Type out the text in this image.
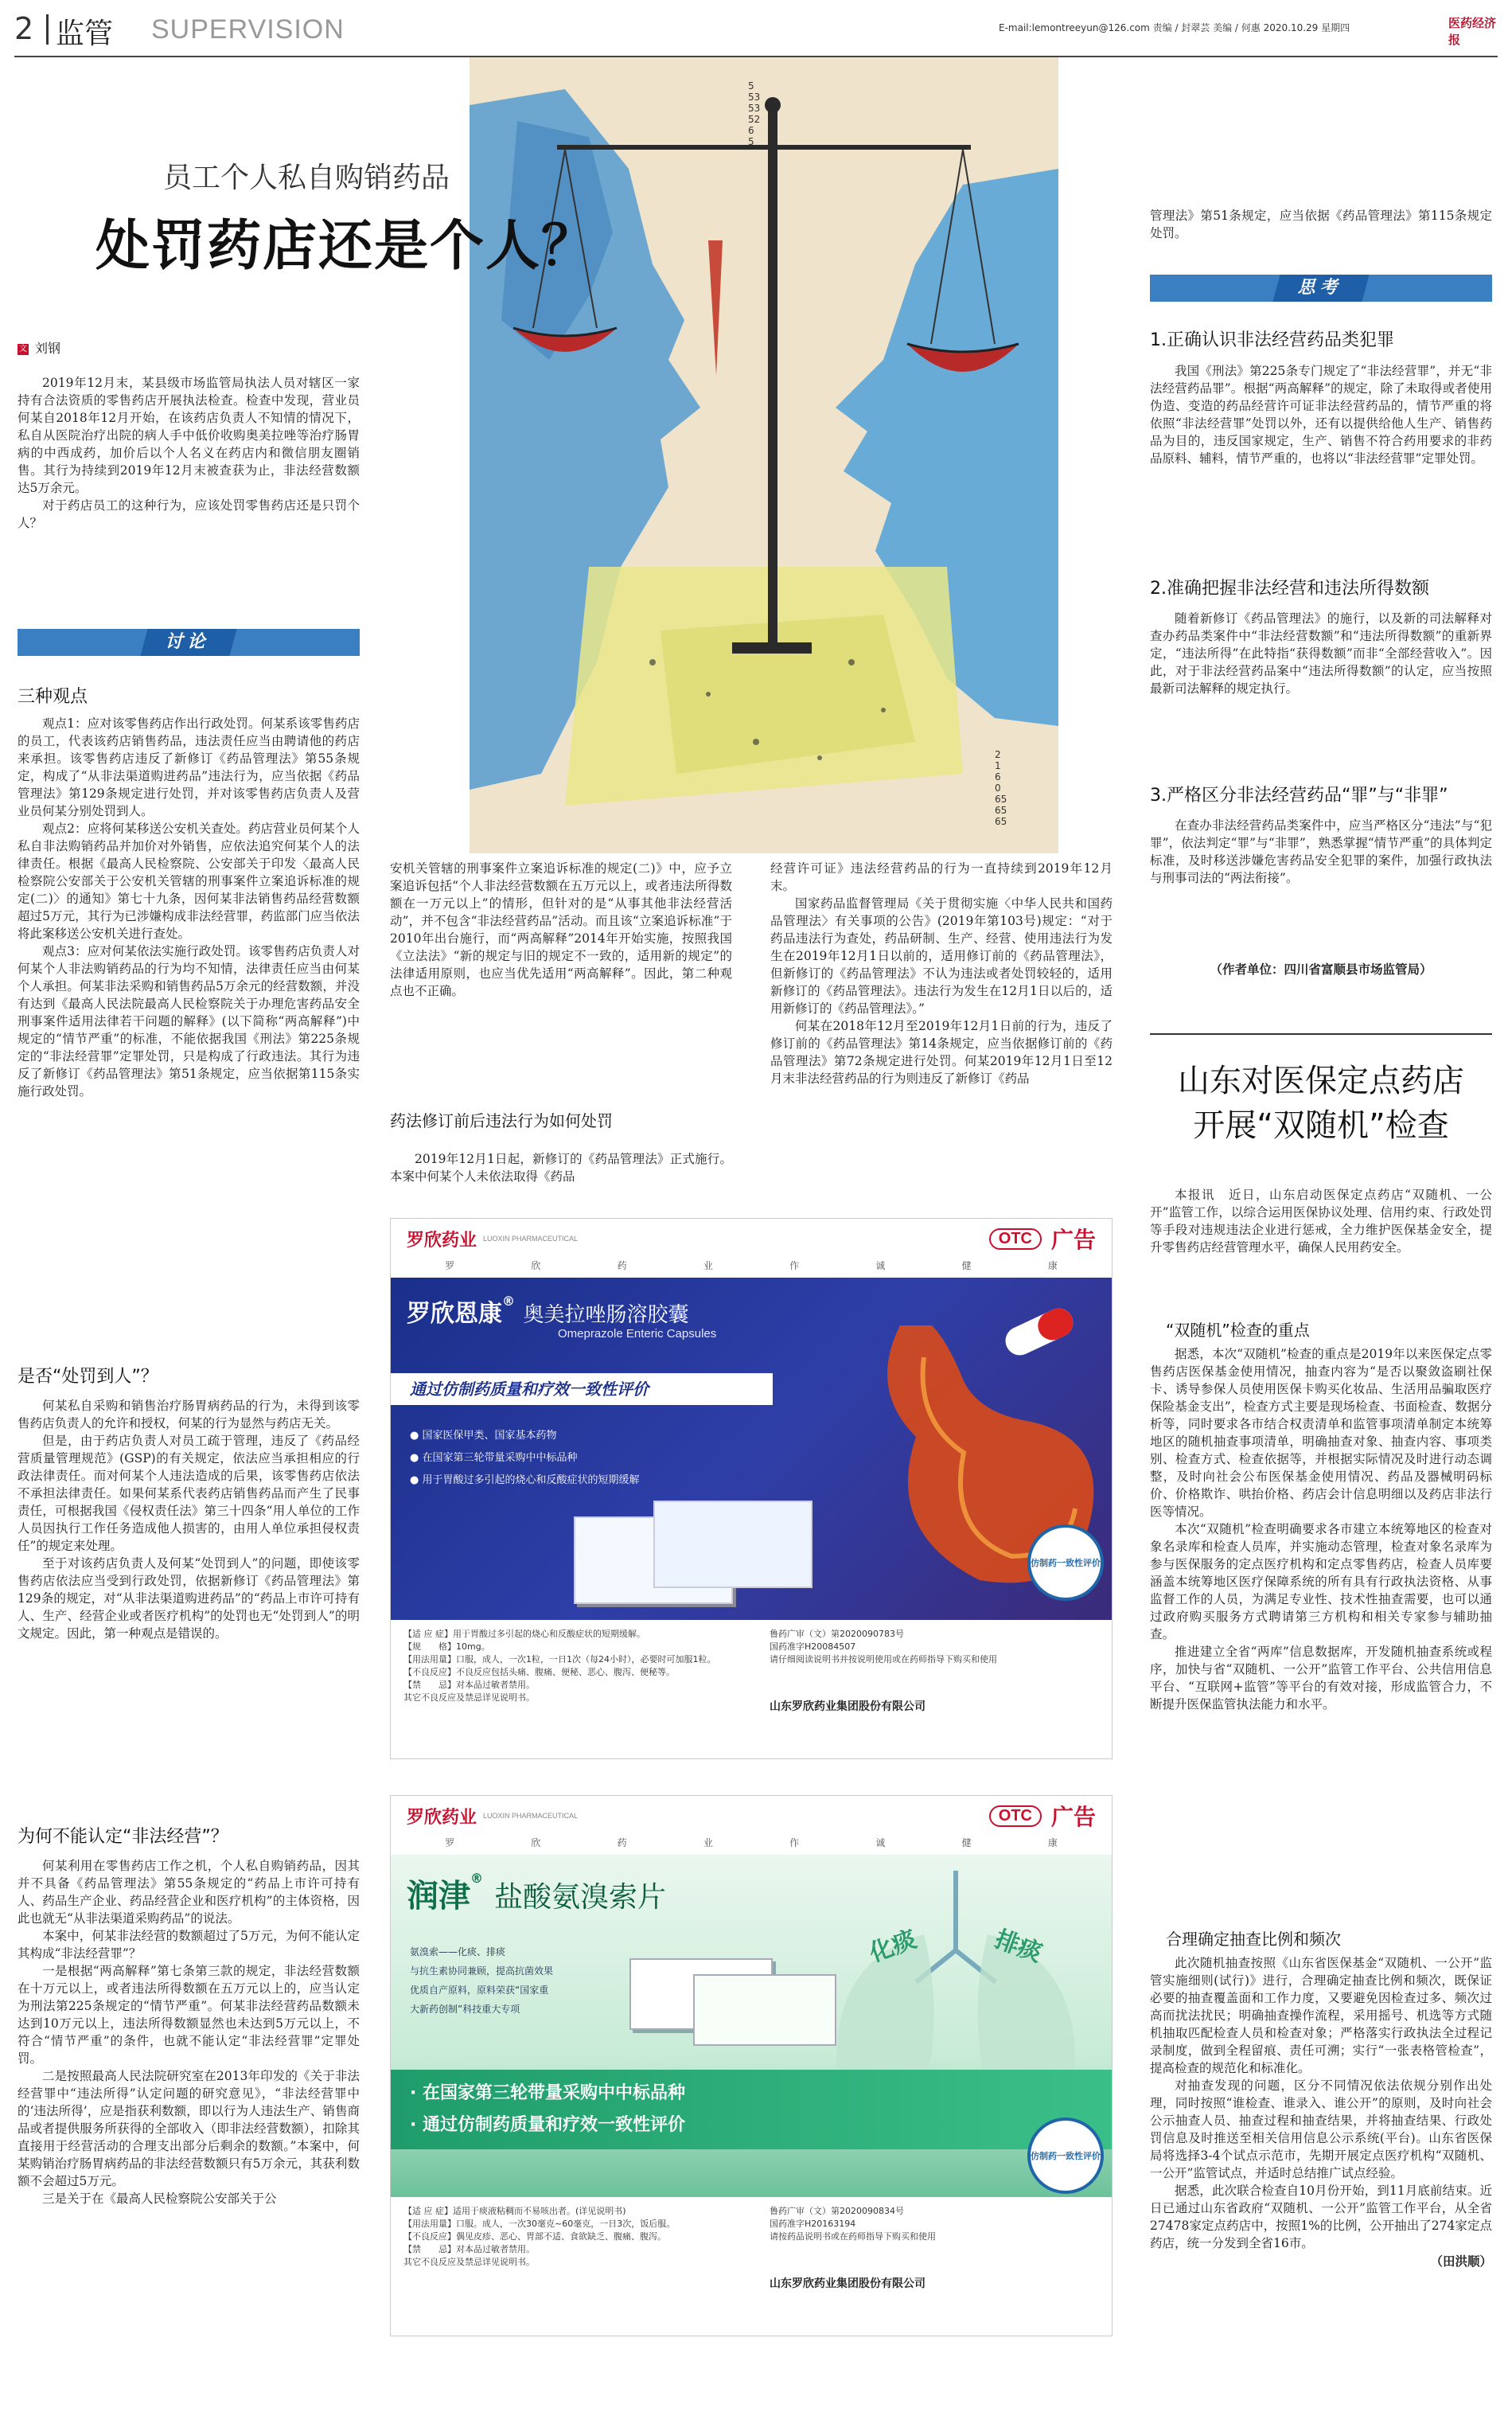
2 监管 SUPERVISION	E-mail:lemontreeyun@126.com 责编 / 封翠芸 美编 / 何惠 2020.10.29 星期四	医药经济报
5
53
53
52
6
5
2
1
6
0
65
65
65
员工个人私自购销药品
处罚药店还是个人？
文 刘钢

2019年12月末，某县级市场监管局执法人员对辖区一家持有合法资质的零售药店开展执法检查。检查中发现，营业员何某自2018年12月开始，在该药店负责人不知情的情况下，私自从医院治疗出院的病人手中低价收购奥美拉唑等治疗肠胃病的中西成药，加价后以个人名义在药店内和微信朋友圈销售。其行为持续到2019年12月末被查获为止，非法经营数额达5万余元。

对于药店员工的这种行为，应该处罚零售药店还是只罚个人？

讨论
三种观点

观点1：应对该零售药店作出行政处罚。何某系该零售药店的员工，代表该药店销售药品，违法责任应当由聘请他的药店来承担。该零售药店违反了新修订《药品管理法》第55条规定，构成了“从非法渠道购进药品”违法行为，应当依据《药品管理法》第129条规定进行处罚，并对该零售药店负责人及营业员何某分别处罚到人。

观点2：应将何某移送公安机关查处。药店营业员何某个人私自非法购销药品并加价对外销售，应依法追究何某个人的法律责任。根据《最高人民检察院、公安部关于印发〈最高人民检察院公安部关于公安机关管辖的刑事案件立案追诉标准的规定(二)〉的通知》第七十九条，因何某非法销售药品经营数额超过5万元，其行为已涉嫌构成非法经营罪，药监部门应当依法将此案移送公安机关进行查处。

观点3：应对何某依法实施行政处罚。该零售药店负责人对何某个人非法购销药品的行为均不知情，法律责任应当由何某个人承担。何某非法采购和销售药品5万余元的经营数额，并没有达到《最高人民法院最高人民检察院关于办理危害药品安全刑事案件适用法律若干问题的解释》(以下简称“两高解释”)中规定的“情节严重”的标准，不能依据我国《刑法》第225条规定的“非法经营罪”定罪处罚，只是构成了行政违法。其行为违反了新修订《药品管理法》第51条规定，应当依据第115条实施行政处罚。

是否“处罚到人”？

何某私自采购和销售治疗肠胃病药品的行为，未得到该零售药店负责人的允许和授权，何某的行为显然与药店无关。

但是，由于药店负责人对员工疏于管理，违反了《药品经营质量管理规范》(GSP)的有关规定，依法应当承担相应的行政法律责任。而对何某个人违法造成的后果，该零售药店依法不承担法律责任。如果何某系代表药店销售药品而产生了民事责任，可根据我国《侵权责任法》第三十四条“用人单位的工作人员因执行工作任务造成他人损害的，由用人单位承担侵权责任”的规定来处理。

至于对该药店负责人及何某“处罚到人”的问题，即使该零售药店依法应当受到行政处罚，依据新修订《药品管理法》第129条的规定，对“从非法渠道购进药品”的“药品上市许可持有人、生产、经营企业或者医疗机构”的处罚也无“处罚到人”的明文规定。因此，第一种观点是错误的。

为何不能认定“非法经营”？

何某利用在零售药店工作之机，个人私自购销药品，因其并不具备《药品管理法》第55条规定的“药品上市许可持有人、药品生产企业、药品经营企业和医疗机构”的主体资格，因此也就无“从非法渠道采购药品”的说法。

本案中，何某非法经营的数额超过了5万元，为何不能认定其构成“非法经营罪”？

一是根据“两高解释”第七条第三款的规定，非法经营数额在十万元以上，或者违法所得数额在五万元以上的，应当认定为刑法第225条规定的“情节严重”。何某非法经营药品数额未达到10万元以上，违法所得数额显然也未达到5万元以上，不符合“情节严重”的条件，也就不能认定“非法经营罪”定罪处罚。

二是按照最高人民法院研究室在2013年印发的《关于非法经营罪中“违法所得”认定问题的研究意见》，“非法经营罪中的‘违法所得’，应是指获利数额，即以行为人违法生产、销售商品或者提供服务所获得的全部收入（即非法经营数额），扣除其直接用于经营活动的合理支出部分后剩余的数额。”本案中，何某购销治疗肠胃病药品的非法经营数额只有5万余元，其获利数额不会超过5万元。

三是关于在《最高人民检察院公安部关于公

安机关管辖的刑事案件立案追诉标准的规定(二)》中，应予立案追诉包括“个人非法经营数额在五万元以上，或者违法所得数额在一万元以上”的情形，但针对的是“从事其他非法经营活动”，并不包含“非法经营药品”活动。而且该“立案追诉标准”于2010年出台施行，而“两高解释”2014年开始实施，按照我国《立法法》“新的规定与旧的规定不一致的，适用新的规定”的法律适用原则，也应当优先适用“两高解释”。因此，第二种观点也不正确。

药法修订前后违法行为如何处罚

2019年12月1日起，新修订的《药品管理法》正式施行。本案中何某个人未依法取得《药品

经营许可证》违法经营药品的行为一直持续到2019年12月末。

国家药品监督管理局《关于贯彻实施〈中华人民共和国药品管理法〉有关事项的公告》(2019年第103号)规定：“对于药品违法行为查处，药品研制、生产、经营、使用违法行为发生在2019年12月1日以前的，适用修订前的《药品管理法》，但新修订的《药品管理法》不认为违法或者处罚较轻的，适用新修订的《药品管理法》。违法行为发生在12月1日以后的，适用新修订的《药品管理法》。”

何某在2018年12月至2019年12月1日前的行为，违反了修订前的《药品管理法》第14条规定，应当依据修订前的《药品管理法》第72条规定进行处罚。何某2019年12月1日至12月末非法经营药品的行为则违反了新修订《药品

管理法》第51条规定，应当依据《药品管理法》第115条规定处罚。

思考
1.正确认识非法经营药品类犯罪

我国《刑法》第225条专门规定了“非法经营罪”，并无“非法经营药品罪”。根据“两高解释”的规定，除了未取得或者使用伪造、变造的药品经营许可证非法经营药品的，情节严重的将依照“非法经营罪”处罚以外，还有以提供给他人生产、销售药品为目的，违反国家规定，生产、销售不符合药用要求的非药品原料、辅料，情节严重的，也将以“非法经营罪”定罪处罚。

2.准确把握非法经营和违法所得数额

随着新修订《药品管理法》的施行，以及新的司法解释对查办药品类案件中“非法经营数额”和“违法所得数额”的重新界定，“违法所得”在此特指“获得数额”而非“全部经营收入”。因此，对于非法经营药品案中“违法所得数额”的认定，应当按照最新司法解释的规定执行。

3.严格区分非法经营药品“罪”与“非罪”

在查办非法经营药品类案件中，应当严格区分“违法”与“犯罪”，依法判定“罪”与“非罪”，熟悉掌握“情节严重”的具体判定标准，及时移送涉嫌危害药品安全犯罪的案件，加强行政执法与刑事司法的“两法衔接”。

（作者单位：四川省富顺县市场监管局）
山东对医保定点药店
开展“双随机”检查

本报讯　近日，山东启动医保定点药店“双随机、一公开”监管工作，以综合运用医保协议处理、信用约束、行政处罚等手段对违规违法企业进行惩戒，全力维护医保基金安全，提升零售药店经营管理水平，确保人民用药安全。

“双随机”检查的重点

据悉，本次“双随机”检查的重点是2019年以来医保定点零售药店医保基金使用情况，抽查内容为“是否以聚敛盗刷社保卡、诱导参保人员使用医保卡购买化妆品、生活用品骗取医疗保险基金支出”，检查方式主要是现场检查、书面检查、数据分析等，同时要求各市结合权责清单和监管事项清单制定本统筹地区的随机抽查事项清单，明确抽查对象、抽查内容、事项类别、检查方式、检查依据等，并根据实际情况及时进行动态调整，及时向社会公布医保基金使用情况、药品及器械明码标价、价格欺诈、哄抬价格、药店会计信息明细以及药店非法行医等情况。

本次“双随机”检查明确要求各市建立本统筹地区的检查对象名录库和检查人员库，并实施动态管理，检查对象名录库为参与医保服务的定点医疗机构和定点零售药店，检查人员库要涵盖本统筹地区医疗保障系统的所有具有行政执法资格、从事监督工作的人员，为满足专业性、技术性抽查需要，也可以通过政府购买服务方式聘请第三方机构和相关专家参与辅助抽查。

推进建立全省“两库”信息数据库，开发随机抽查系统或程序，加快与省“双随机、一公开”监管工作平台、公共信用信息平台、“互联网+监管”等平台的有效对接，形成监管合力，不断提升医保监管执法能力和水平。

合理确定抽查比例和频次

此次随机抽查按照《山东省医保基金“双随机、一公开”监管实施细则(试行)》进行，合理确定抽查比例和频次，既保证必要的抽查覆盖面和工作力度，又要避免因检查过多、频次过高而扰法扰民；明确抽查操作流程，采用摇号、机选等方式随机抽取匹配检查人员和检查对象；严格落实行政执法全过程记录制度，做到全程留痕、责任可溯；实行“一张表格管检查”，提高检查的规范化和标准化。

对抽查发现的问题，区分不同情况依法依规分别作出处理，同时按照“谁检查、谁录入、谁公开”的原则，及时向社会公示抽查人员、抽查过程和抽查结果，并将抽查结果、行政处罚信息及时推送至相关信用信息公示系统(平台)。山东省医保局将选择3-4个试点示范市，先期开展定点医疗机构“双随机、一公开”监管试点，并适时总结推广试点经验。

据悉，此次联合检查自10月份开始，到11月底前结束。近日已通过山东省政府“双随机、一公开”监管工作平台，从全省27478家定点药店中，按照1%的比例，公开抽出了274家定点药店，统一分发到全省16市。

（田洪顺）
罗欣药业 LUOXIN PHARMACEUTICAL	OTC 广告
罗	欣	药	业	作	诚	健	康
罗欣恩康® 奥美拉唑肠溶胶囊
Omeprazole Enteric Capsules
通过仿制药质量和疗效一致性评价
● 国家医保甲类、国家基本药物
● 在国家第三轮带量采购中中标品种
● 用于胃酸过多引起的烧心和反酸症状的短期缓解
仿制药一致性评价
【适 应 症】用于胃酸过多引起的烧心和反酸症状的短期缓解。
【规　　格】10mg。
【用法用量】口服，成人，一次1粒，一日1次（每24小时），必要时可加服1粒。
【不良反应】不良反应包括头痛、腹痛、便秘、恶心、腹泻、便秘等。
【禁　　忌】对本品过敏者禁用。
其它不良反应及禁忌详见说明书。
鲁药广审（文）第2020090783号
国药准字H20084507
请仔细阅读说明书并按说明使用或在药师指导下购买和使用
山东罗欣药业集团股份有限公司
罗欣药业 LUOXIN PHARMACEUTICAL	OTC 广告
罗	欣	药	业	作	诚	健	康
润津® 盐酸氨溴索片
氨溴索——化痰、排痰
与抗生素协同兼顾，提高抗菌效果
优质自产原料，原料荣获“国家重
大新药创制”科技重大专项
化痰	排痰
· 在国家第三轮带量采购中中标品种
· 通过仿制药质量和疗效一致性评价
仿制药一致性评价
【适 应 症】适用于痰液粘稠而不易咳出者。(详见说明书)
【用法用量】口服。成人，一次30毫克~60毫克，一日3次，饭后服。
【不良反应】偶见皮疹、恶心、胃部不适、食欲缺乏、腹痛、腹泻。
【禁　　忌】对本品过敏者禁用。
其它不良反应及禁忌详见说明书。
鲁药广审（文）第2020090834号
国药准字H20163194
请按药品说明书或在药师指导下购买和使用
山东罗欣药业集团股份有限公司
